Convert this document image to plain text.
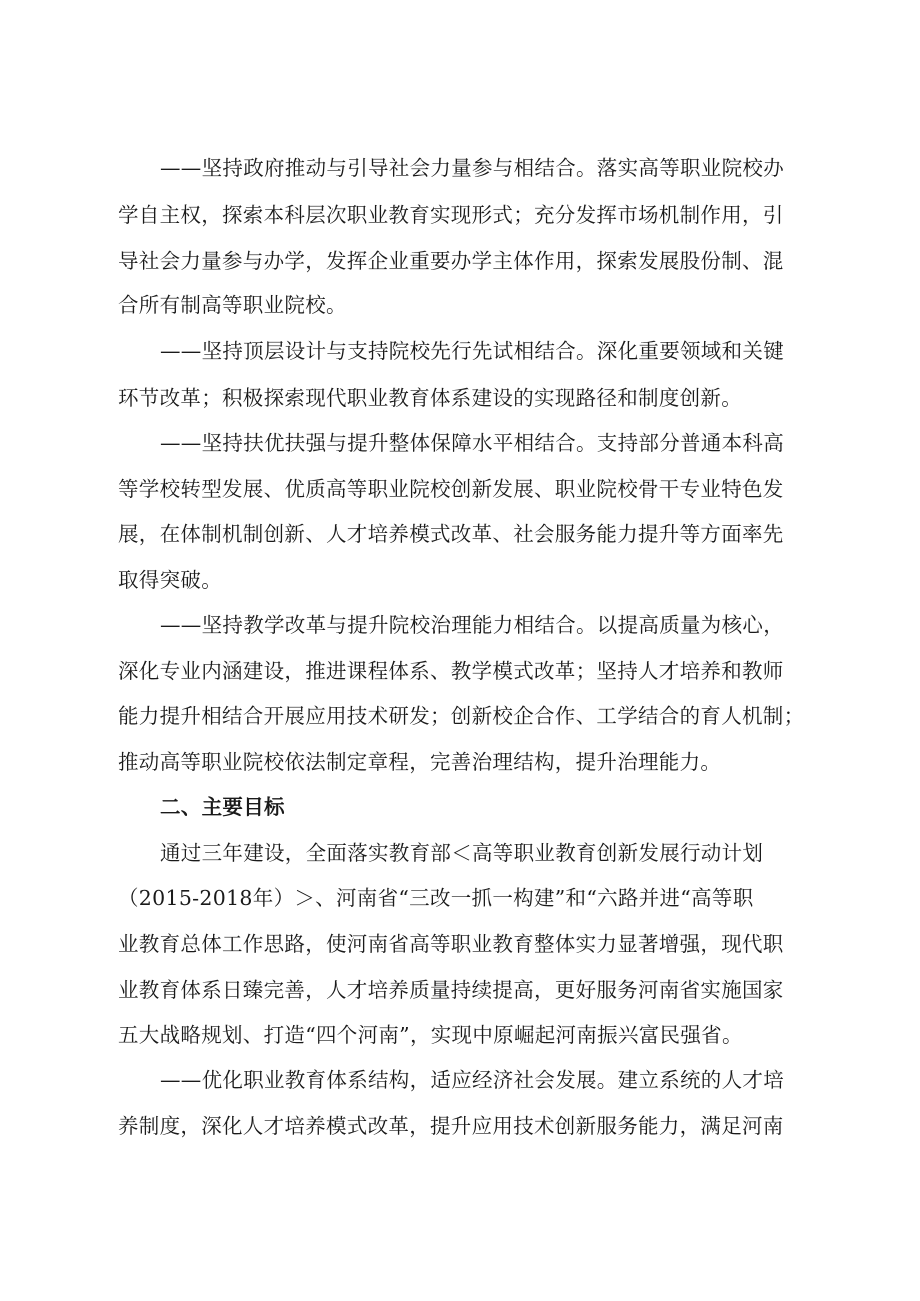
——坚持政府推动与引导社会力量参与相结合。落实高等职业院校办
学自主权，探索本科层次职业教育实现形式；充分发挥市场机制作用，引
导社会力量参与办学，发挥企业重要办学主体作用，探索发展股份制、混
合所有制高等职业院校。
——坚持顶层设计与支持院校先行先试相结合。深化重要领域和关键
环节改革；积极探索现代职业教育体系建设的实现路径和制度创新。
——坚持扶优扶强与提升整体保障水平相结合。支持部分普通本科高
等学校转型发展、优质高等职业院校创新发展、职业院校骨干专业特色发
展，在体制机制创新、人才培养模式改革、社会服务能力提升等方面率先
取得突破。
——坚持教学改革与提升院校治理能力相结合。以提高质量为核心，
深化专业内涵建设，推进课程体系、教学模式改革；坚持人才培养和教师
能力提升相结合开展应用技术研发；创新校企合作、工学结合的育人机制；
推动高等职业院校依法制定章程，完善治理结构，提升治理能力。
二、主要目标
通过三年建设，全面落实教育部＜高等职业教育创新发展行动计划
（2015-2018年）＞、河南省“三改一抓一构建”和“六路并进“高等职
业教育总体工作思路，使河南省高等职业教育整体实力显著增强，现代职
业教育体系日臻完善，人才培养质量持续提高，更好服务河南省实施国家
五大战略规划、打造“四个河南”，实现中原崛起河南振兴富民强省。
——优化职业教育体系结构，适应经济社会发展。建立系统的人才培
养制度，深化人才培养模式改革，提升应用技术创新服务能力，满足河南
